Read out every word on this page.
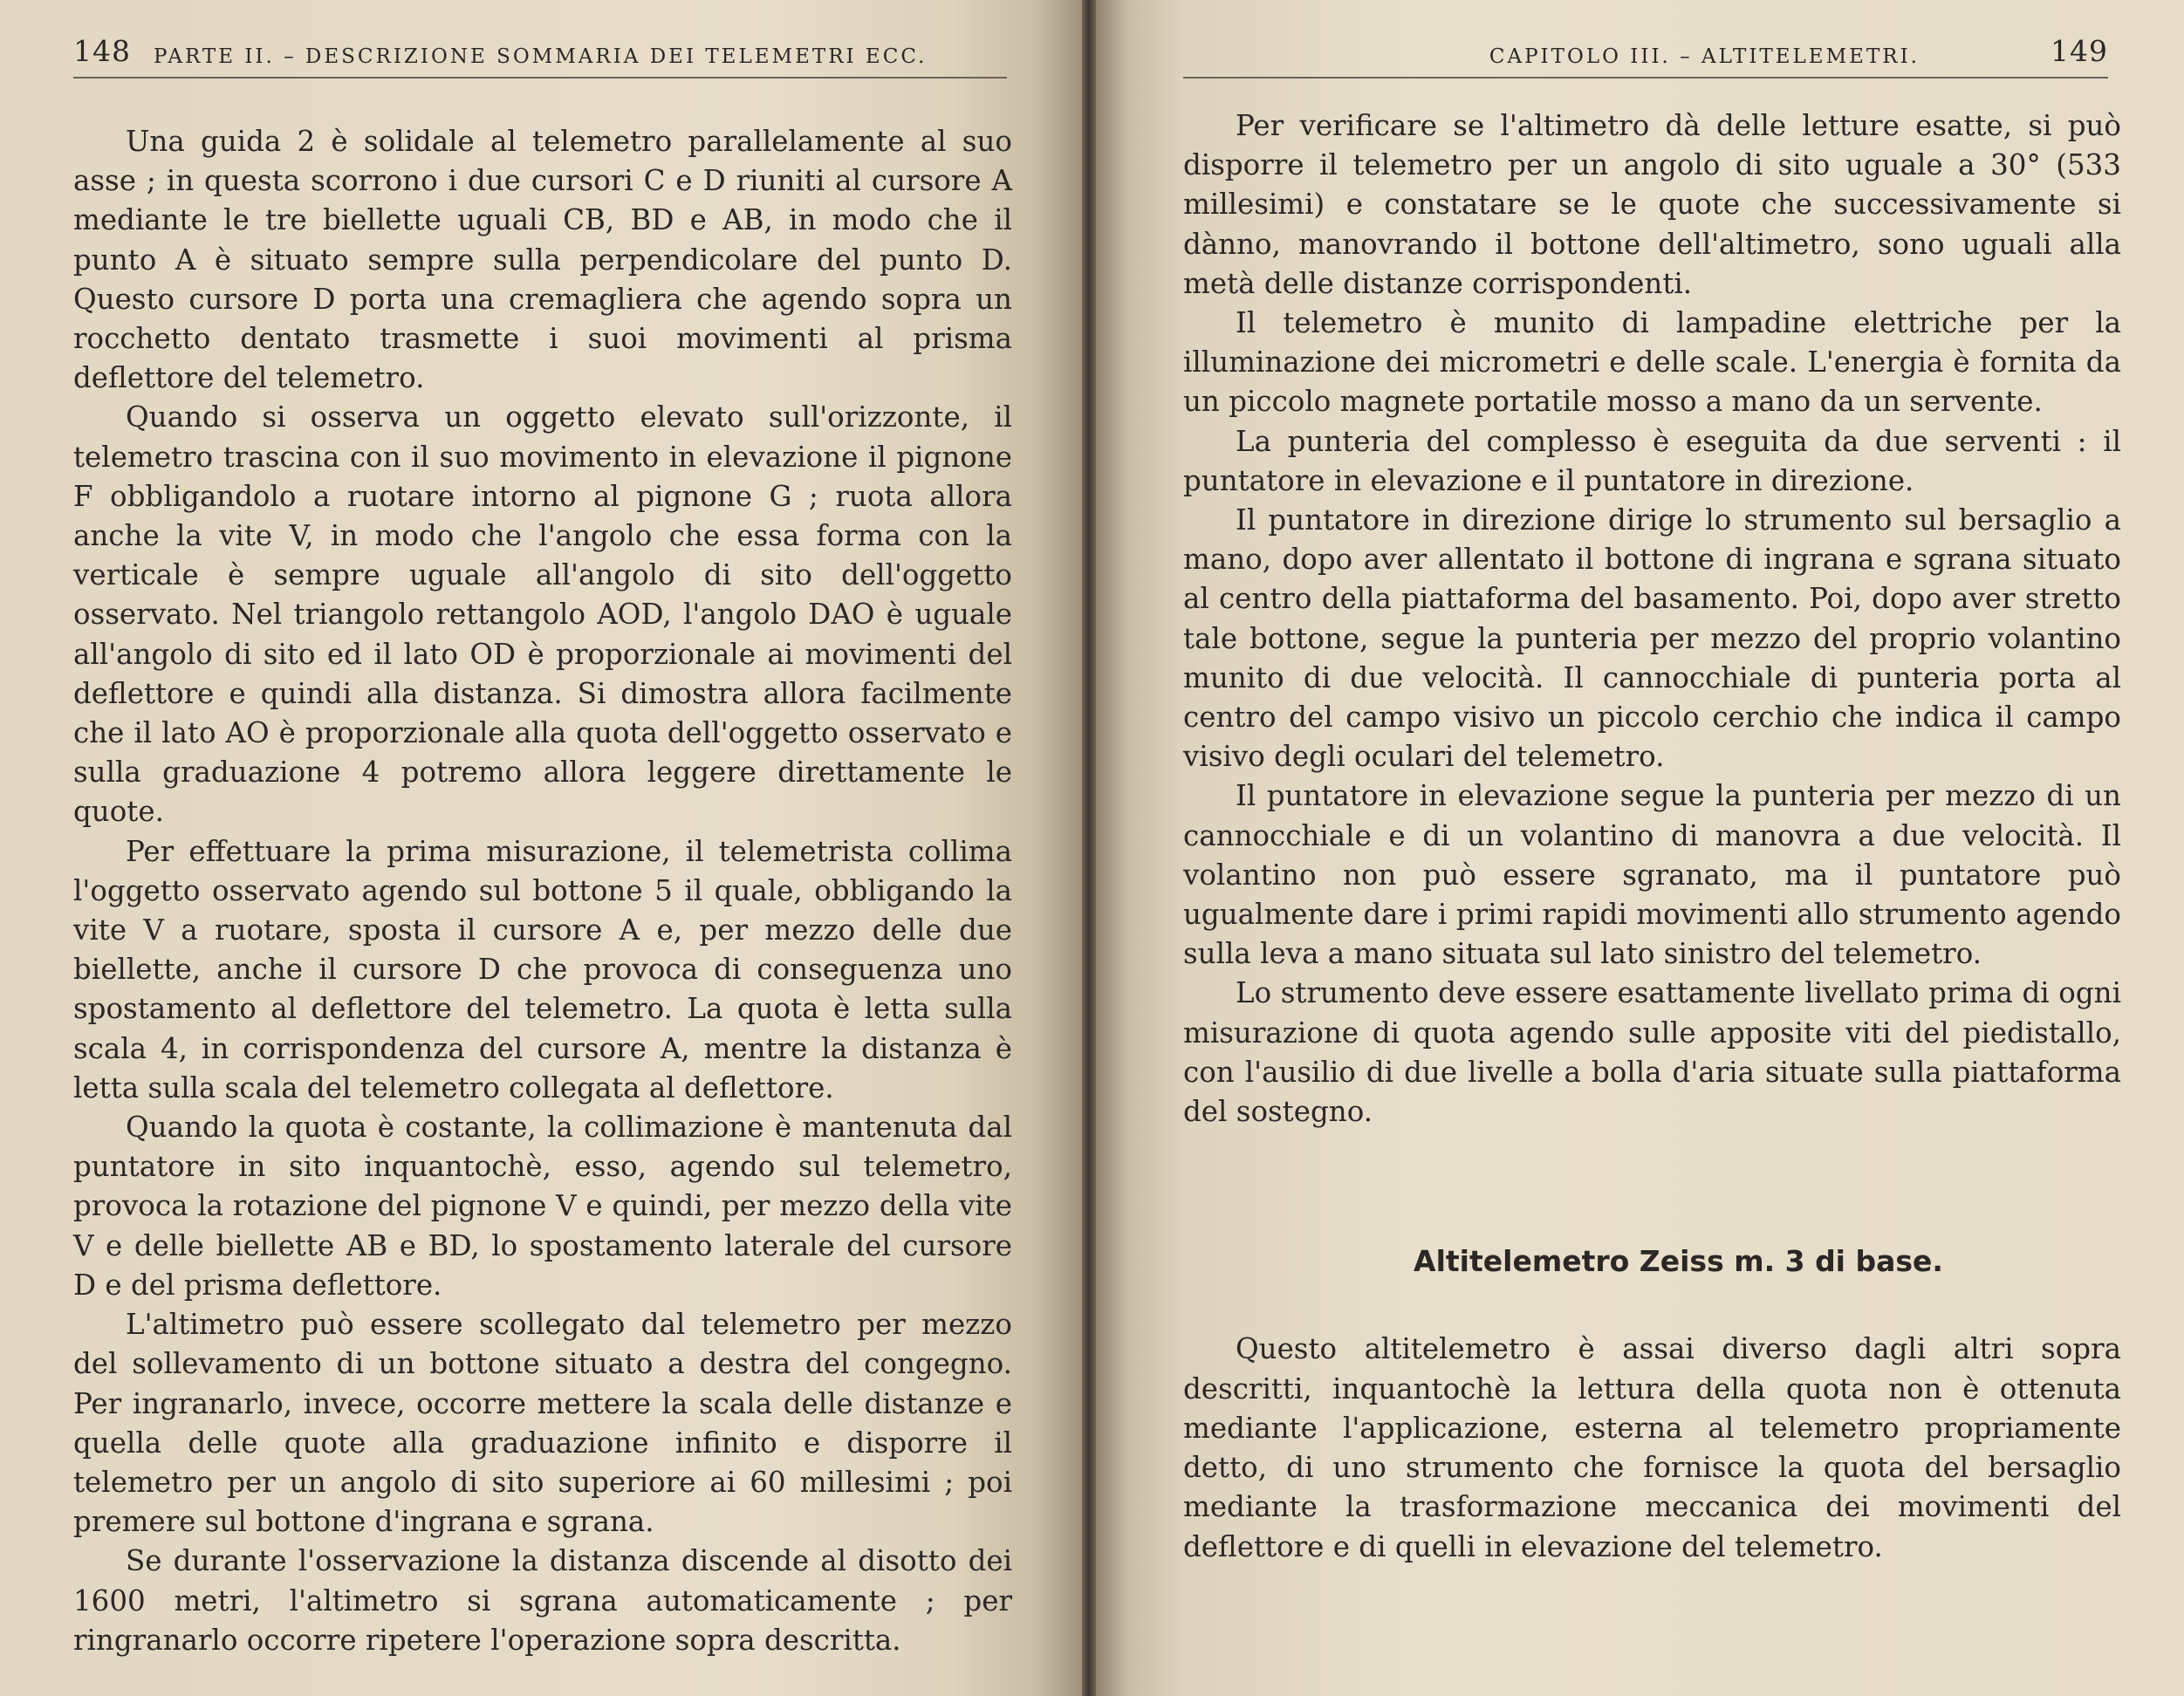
148 PARTE II. – DESCRIZIONE SOMMARIA DEI TELEMETRI ECC.

Una guida 2 è solidale al telemetro parallelamente al suo asse ; in questa scorrono i due cursori C e D riuniti al cursore A mediante le tre biellette uguali CB, BD e AB, in modo che il punto A è situato sempre sulla perpendicolare del punto D. Questo cursore D porta una cremagliera che agendo sopra un rocchetto dentato trasmette i suoi movimenti al prisma deflettore del telemetro.

Quando si osserva un oggetto elevato sull'orizzonte, il telemetro trascina con il suo movimento in elevazione il pignone F obbligandolo a ruotare intorno al pignone G ; ruota allora anche la vite V, in modo che l'angolo che essa forma con la verticale è sempre uguale all'angolo di sito dell'oggetto osservato. Nel triangolo rettangolo AOD, l'angolo DAO è uguale all'angolo di sito ed il lato OD è proporzionale ai movimenti del deflettore e quindi alla distanza. Si dimostra allora facilmente che il lato AO è proporzionale alla quota dell'oggetto osservato e sulla graduazione 4 potremo allora leggere direttamente le quote.

Per effettuare la prima misurazione, il telemetrista collima l'oggetto osservato agendo sul bottone 5 il quale, obbligando la vite V a ruotare, sposta il cursore A e, per mezzo delle due biellette, anche il cursore D che provoca di conseguenza uno spostamento al deflettore del telemetro. La quota è letta sulla scala 4, in corrispondenza del cursore A, mentre la distanza è letta sulla scala del telemetro collegata al deflettore.

Quando la quota è costante, la collimazione è mantenuta dal puntatore in sito inquantochè, esso, agendo sul telemetro, provoca la rotazione del pignone V e quindi, per mezzo della vite V e delle biellette AB e BD, lo spostamento laterale del cursore D e del prisma deflettore.

L'altimetro può essere scollegato dal telemetro per mezzo del sollevamento di un bottone situato a destra del congegno. Per ingranarlo, invece, occorre mettere la scala delle distanze e quella delle quote alla graduazione infinito e disporre il telemetro per un angolo di sito superiore ai 60 millesimi ; poi premere sul bottone d'ingrana e sgrana.

Se durante l'osservazione la distanza discende al disotto dei 1600 metri, l'altimetro si sgrana automaticamente ; per ringranarlo occorre ripetere l'operazione sopra descritta.

CAPITOLO III. – ALTITELEMETRI.	149

Per verificare se l'altimetro dà delle letture esatte, si può disporre il telemetro per un angolo di sito uguale a 30° (533 millesimi) e constatare se le quote che successivamente si dànno, manovrando il bottone dell'altimetro, sono uguali alla metà delle distanze corrispondenti.

Il telemetro è munito di lampadine elettriche per la illuminazione dei micrometri e delle scale. L'energia è fornita da un piccolo magnete portatile mosso a mano da un servente.

La punteria del complesso è eseguita da due serventi : il puntatore in elevazione e il puntatore in direzione.

Il puntatore in direzione dirige lo strumento sul bersaglio a mano, dopo aver allentato il bottone di ingrana e sgrana situato al centro della piattaforma del basamento. Poi, dopo aver stretto tale bottone, segue la punteria per mezzo del proprio volantino munito di due velocità. Il cannocchiale di punteria porta al centro del campo visivo un piccolo cerchio che indica il campo visivo degli oculari del telemetro.

Il puntatore in elevazione segue la punteria per mezzo di un cannocchiale e di un volantino di manovra a due velocità. Il volantino non può essere sgranato, ma il puntatore può ugualmente dare i primi rapidi movimenti allo strumento agendo sulla leva a mano situata sul lato sinistro del telemetro.

Lo strumento deve essere esattamente livellato prima di ogni misurazione di quota agendo sulle apposite viti del piedistallo, con l'ausilio di due livelle a bolla d'aria situate sulla piattaforma del sostegno.

Altitelemetro Zeiss m. 3 di base.

Questo altitelemetro è assai diverso dagli altri sopra descritti, inquantochè la lettura della quota non è ottenuta mediante l'applicazione, esterna al telemetro propriamente detto, di uno strumento che fornisce la quota del bersaglio mediante la trasformazione meccanica dei movimenti del deflettore e di quelli in elevazione del telemetro.
